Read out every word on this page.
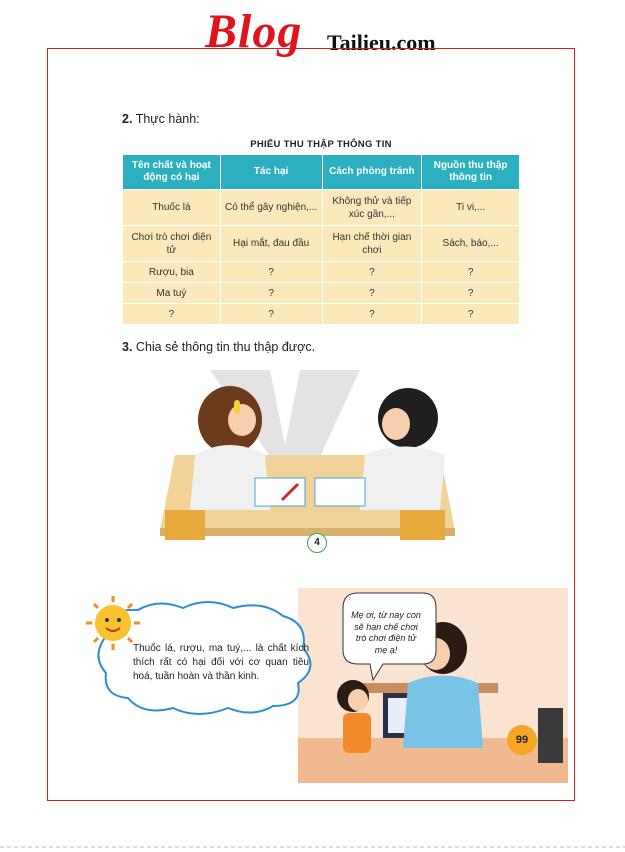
Blog Tailieu.com
2. Thực hành:
PHIẾU THU THẬP THÔNG TIN
Tên chất và hoạt động có hại	Tác hại	Cách phòng tránh	Nguồn thu thập thông tin
Thuốc lá	Có thể gây nghiện,...	Không thử và tiếp xúc gần,...	Ti vi,...
Chơi trò chơi điện tử	Hại mắt, đau đầu	Hạn chế thời gian chơi	Sách, báo,...
Rượu, bia	?	?	?
Ma tuý	?	?	?
?	?	?	?
3. Chia sẻ thông tin thu thập được.
4
Thuốc lá, rượu, ma tuý,... là chất kích thích rất có hại đối với cơ quan tiêu hoá, tuần hoàn và thần kinh.
Mẹ ơi, từ nay con sẽ hạn chế chơi trò chơi điện tử mẹ ạ!
99
